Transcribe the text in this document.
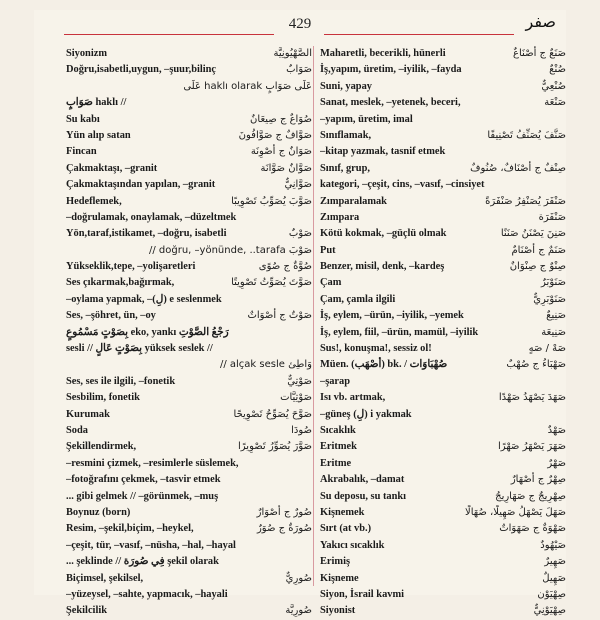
429	صفر
Siyonizm	الصَّهْيُونِيَّة
Doğru,isabetli,uygun, –şuur,bilinç	صَوَابٌ
عَلَى صَوَابٍ haklı olarak عَلَى
صَوَابٍ haklı //
Su kabı	صُوَاعٌ ج صِيعَانٌ
Yün alıp satan	صَوَّافٌ ج صَوَّافُونَ
Fincan	صَوَانٌ ج أَصْوِنَة
Çakmaktaşı, –granit	صَوَّانٌ صَوَّانَة
Çakmaktaşından yapılan, –granit	صَوَّانِيٌّ
Hedeflemek,	صَوَّبَ يُصَوِّبُ تَصْوِيبًا
–doğrulamak, onaylamak, –düzeltmek
Yön,taraf,istikamet, –doğru, isabetli	صَوْبٌ
صَوْبَ doğru, –yönünde, ..tarafa //
Yükseklik,tepe, –yolişaretleri	صُوَّةٌ ج صُوًى
Ses çıkarmak,bağırmak,	صَوَّتَ يُصَوِّتُ تَصْوِيتًا
–oylama yapmak, –(لِ) e seslenmek
Ses, –şöhret, ün, –oy	صَوْتٌ ج أَصْوَاتٌ
بِصَوْتٍ مَسْمُوعٍ eko, yankı رَجْعُ الصَّوْتِ
sesli // بِصَوْتٍ عَالٍ yüksek seslek //
وَاطِئ alçak sesle //
Ses, ses ile ilgili, –fonetik	صَوْتِيٌّ
Sesbilim, fonetik	صَوْتِيَّات
Kurumak	صَوَّحَ يُصَوِّحُ تَصْوِيحًا
Soda	صُودَا
Şekillendirmek,	صَوَّرَ يُصَوِّرُ تَصْوِيرًا
–resmini çizmek, –resimlerle süslemek,
–fotoğrafını çekmek, –tasvir etmek
... gibi gelmek // –görünmek, –muş
Boynuz (born)	صُورٌ ج أَصْوَارٌ
Resim, –şekil,biçim, –heykel,	صُورَةٌ ج صُوَرٌ
–çeşit, tür, –vasıf, –nüsha, –hal, –hayal
... şeklinde // فِي صُورَة şekil olarak
Biçimsel, şekilsel,	صُورِيٌّ
–yüzeysel, –sahte, yapmacık, –hayali
Şekilcilik	صُورِيَّة
Maharetli, becerikli, hünerli	صَنَعٌ ج أَصْنَاعٌ
İş,yapım, üretim, –iyilik, –fayda	صُنْعٌ
Suni, yapay	صُنْعِيٌّ
Sanat, meslek, –yetenek, beceri,	صَنْعَة
–yapım, üretim, imal
Sınıflamak,	صَنَّفَ يُصَنِّفُ تَصْنِيفًا
–kitap yazmak, tasnif etmek
Sınıf, grup,	صِنْفٌ ج أَصْنَافٌ، صُنُوفٌ
kategori, –çeşit, cins, –vasıf, –cinsiyet
Zımparalamak	صَنْفَرَ يُصَنْفِرُ صَنْفَرَةً
Zımpara	صَنْفَرَة
Kötü kokmak, –güçlü olmak	صَنِنَ يَصْنَنُ صَنَنًا
Put	صَنَمٌ ج أَصْنَامٌ
Benzer, misil, denk, –kardeş	صِنْوٌ ج صِنْوَانٌ
Çam	صَنَوْبَرٌ
Çam, çamla ilgili	صَنَوْبَرِيٌّ
İş, eylem, –ürün, –iyilik, –yemek	صَنِيعٌ
İş, eylem, fiil, –ürün, mamül, –iyilik	صَنِيعَة
Sus!, konuşma!, sessiz ol!	صَهْ / صَهٍ
Müen. (أَصْهَب) bk. / صُهْبَاوَات	صَهْبَاءُ ج صُهْبٌ
–şarap
Isı vb. artmak,	صَهَدَ يَصْهَدُ صَهْدًا
–güneş (لِ) i yakmak
Sıcaklık	صَهْدٌ
Eritmek	صَهَرَ يَصْهَرُ صَهْرًا
Eritme	صَهْرٌ
Akrabalık, –damat	صِهْرٌ ج أَصْهَارٌ
Su deposu, su tankı	صِهْرِيجٌ ج صَهَارِيجُ
Kişnemek	صَهَلَ يَصْهَلُ صَهِيلًا، صُهَالًا
Sırt (at vb.)	صَهْوَةٌ ج صَهَوَاتٌ
Yakıcı sıcaklık	صَيْهُودٌ
Erimiş	صَهِيرٌ
Kişneme	صَهِيلٌ
Siyon, İsrail kavmi	صِهْيَوْن
Siyonist	صِهْيَوْنِيٌّ
